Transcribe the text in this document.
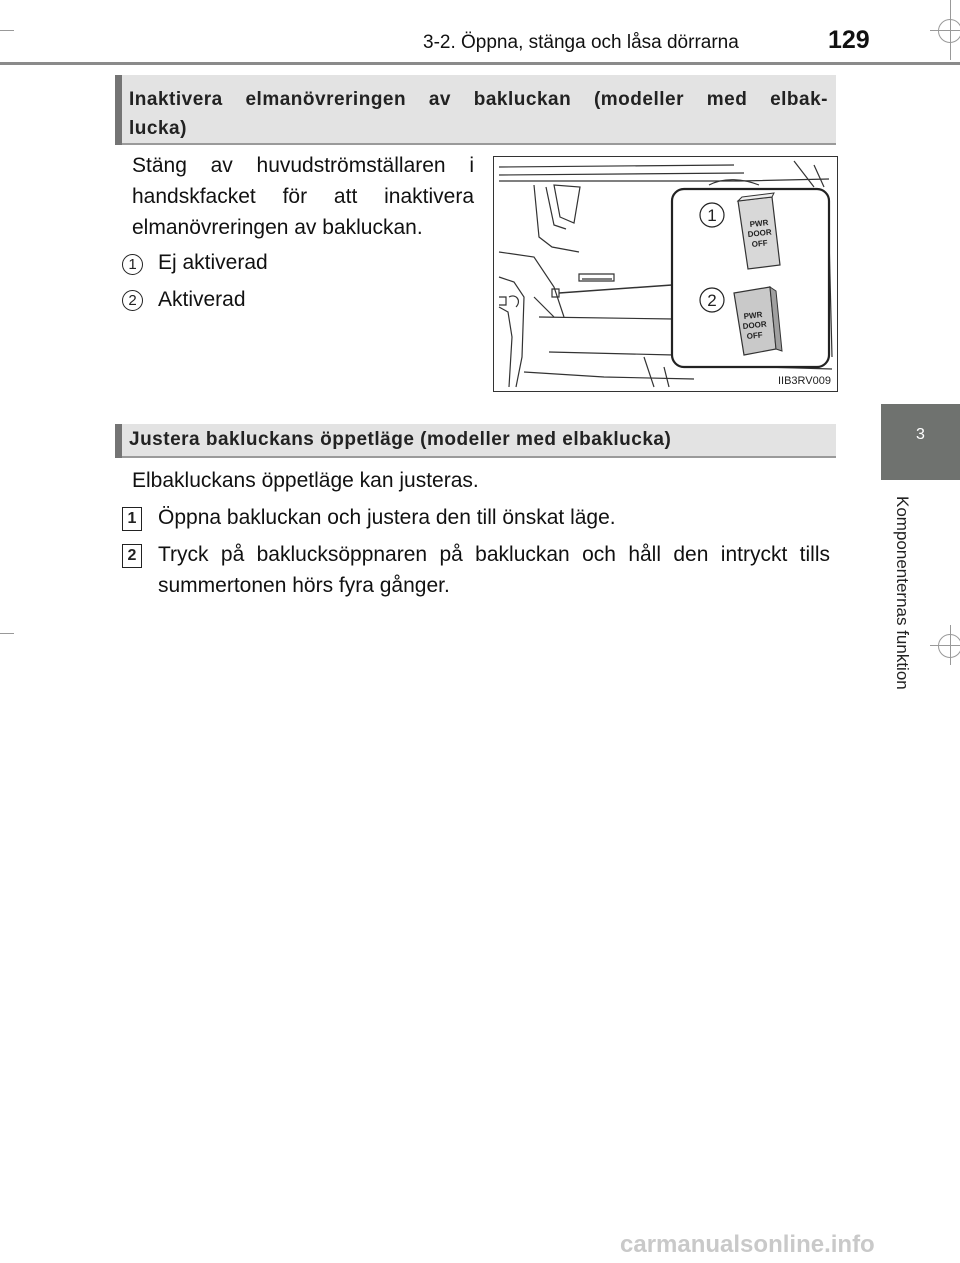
3-2. Öppna, stänga och låsa dörrarna	129
3
Komponenternas funktion
Inaktivera elmanövreringen av bakluckan (modeller med elbak-
lucka)
Stäng av huvudströmställaren i
handskfacket för att inaktivera
elmanövreringen av bakluckan.
1	Ej aktiverad
2	Aktiverad
PWR
DOOR
OFF
PWR
DOOR
OFF
1
2
IIB3RV009
Justera bakluckans öppetläge (modeller med elbaklucka)
Elbakluckans öppetläge kan justeras.
1 Öppna bakluckan och justera den till önskat läge.
2 Tryck på baklucksöppnaren på bakluckan och håll den intryckt tills
summertonen hörs fyra gånger.
carmanualsonline.info
